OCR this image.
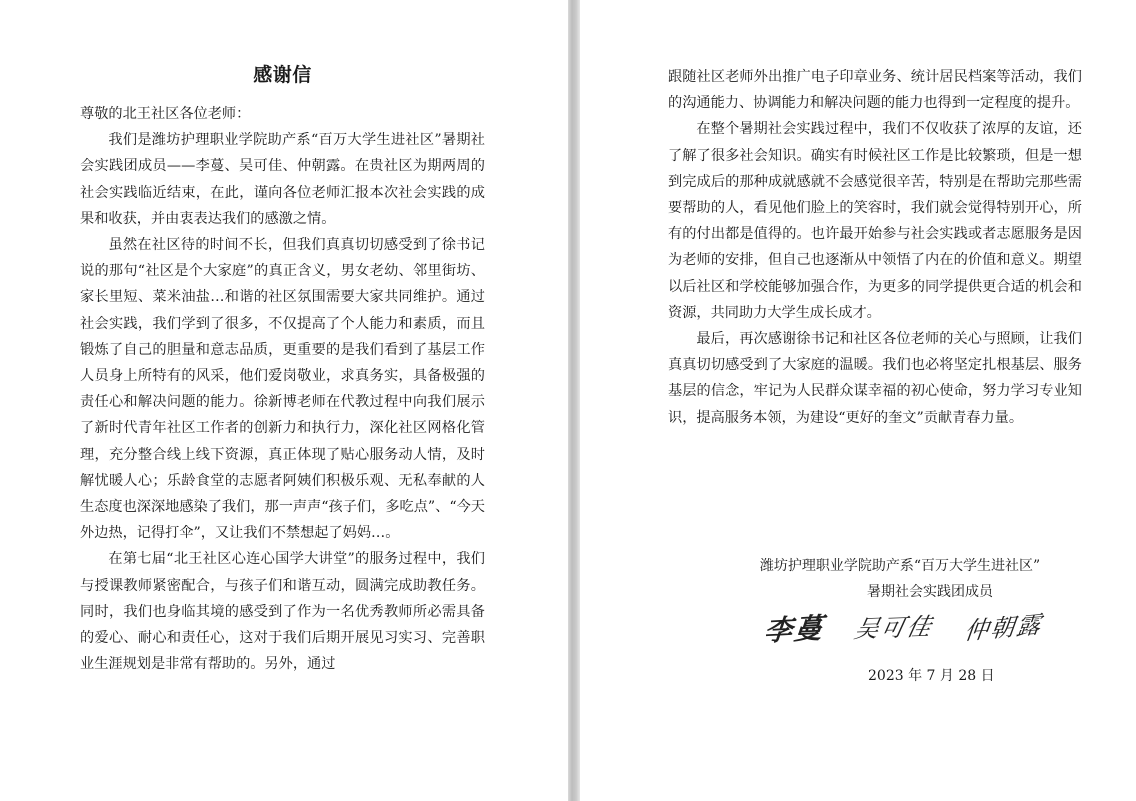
感谢信

尊敬的北王社区各位老师：

我们是潍坊护理职业学院助产系“百万大学生进社区”暑期社会实践团成员——李蔓、吴可佳、仲朝露。在贵社区为期两周的社会实践临近结束，在此，谨向各位老师汇报本次社会实践的成果和收获，并由衷表达我们的感激之情。

虽然在社区待的时间不长，但我们真真切切感受到了徐书记说的那句“社区是个大家庭”的真正含义，男女老幼、邻里街坊、家长里短、菜米油盐…和谐的社区氛围需要大家共同维护。通过社会实践，我们学到了很多，不仅提高了个人能力和素质，而且锻炼了自己的胆量和意志品质，更重要的是我们看到了基层工作人员身上所特有的风采，他们爱岗敬业，求真务实，具备极强的责任心和解决问题的能力。徐新博老师在代教过程中向我们展示了新时代青年社区工作者的创新力和执行力，深化社区网格化管理，充分整合线上线下资源，真正体现了贴心服务动人情，及时解忧暖人心；乐龄食堂的志愿者阿姨们积极乐观、无私奉献的人生态度也深深地感染了我们，那一声声“孩子们，多吃点”、“今天外边热，记得打伞”，又让我们不禁想起了妈妈…。

在第七届“北王社区心连心国学大讲堂”的服务过程中，我们与授课教师紧密配合，与孩子们和谐互动，圆满完成助教任务。同时，我们也身临其境的感受到了作为一名优秀教师所必需具备的爱心、耐心和责任心，这对于我们后期开展见习实习、完善职业生涯规划是非常有帮助的。另外，通过

跟随社区老师外出推广电子印章业务、统计居民档案等活动，我们的沟通能力、协调能力和解决问题的能力也得到一定程度的提升。

在整个暑期社会实践过程中，我们不仅收获了浓厚的友谊，还了解了很多社会知识。确实有时候社区工作是比较繁琐，但是一想到完成后的那种成就感就不会感觉很辛苦，特别是在帮助完那些需要帮助的人，看见他们脸上的笑容时，我们就会觉得特别开心，所有的付出都是值得的。也许最开始参与社会实践或者志愿服务是因为老师的安排，但自己也逐渐从中领悟了内在的价值和意义。期望以后社区和学校能够加强合作，为更多的同学提供更合适的机会和资源，共同助力大学生成长成才。

最后，再次感谢徐书记和社区各位老师的关心与照顾，让我们真真切切感受到了大家庭的温暖。我们也必将坚定扎根基层、服务基层的信念，牢记为人民群众谋幸福的初心使命，努力学习专业知识，提高服务本领，为建设“更好的奎文”贡献青春力量。

潍坊护理职业学院助产系“百万大学生进社区”
暑期社会实践团成员
李蔓 吴可佳 仲朝露
2023 年 7 月 28 日
